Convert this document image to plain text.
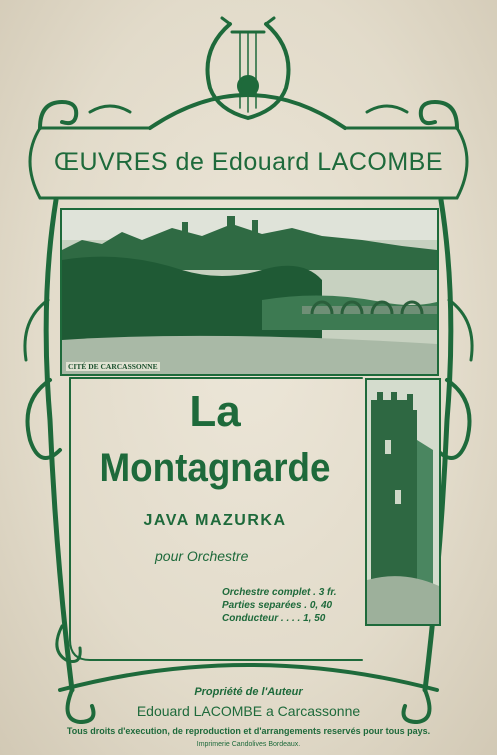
ŒUVRES de Edouard LACOMBE
CITÉ DE CARCASSONNE
La
Montagnarde
JAVA MAZURKA
pour Orchestre
Orchestre complet . 3 fr.
Parties separées . 0, 40
Conducteur . . . . 1, 50
Propriété de l'Auteur
Edouard LACOMBE a Carcassonne
Tous droits d'execution, de reproduction et d'arrangements reservés pour tous pays.
Imprimerie Candolives Bordeaux.
